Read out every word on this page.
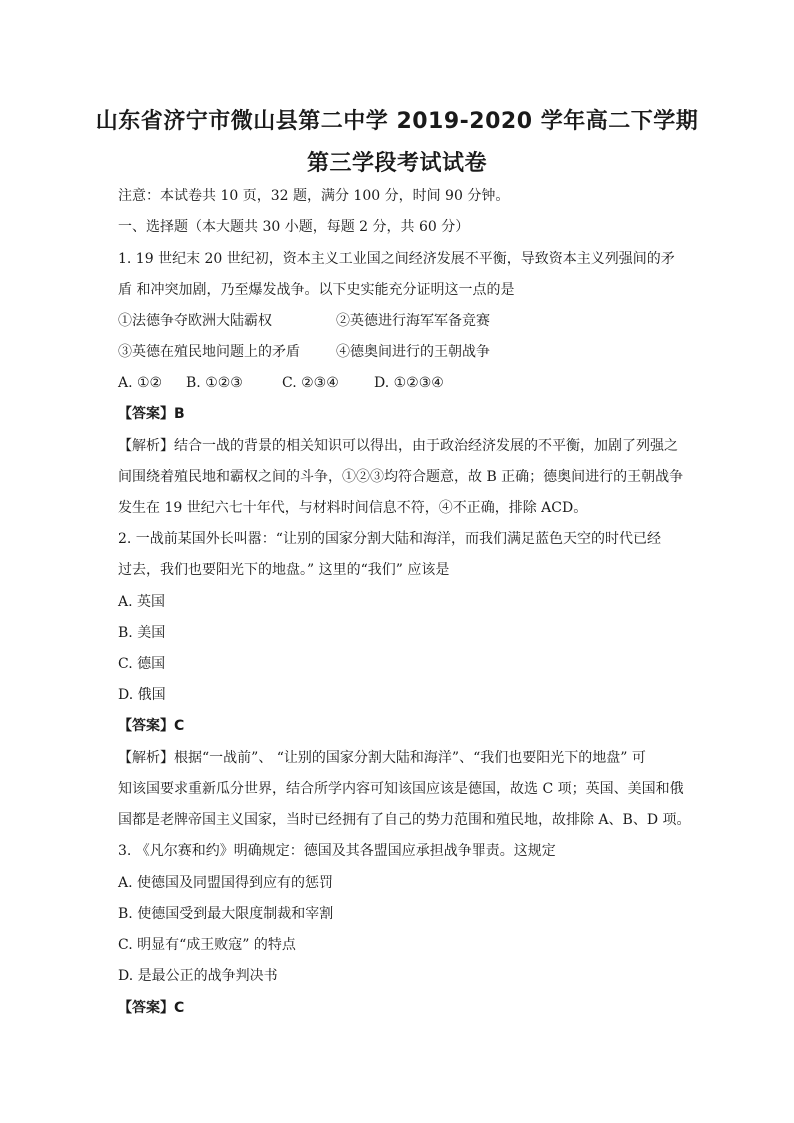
山东省济宁市微山县第二中学 2019-2020 学年高二下学期
第三学段考试试卷
注意：本试卷共 10 页，32 题，满分 100 分，时间 90 分钟。
一、选择题（本大题共 30 小题，每题 2 分，共 60 分）
1. 19 世纪末 20 世纪初，资本主义工业国之间经济发展不平衡，导致资本主义列强间的矛
盾 和冲突加剧，乃至爆发战争。以下史实能充分证明这一点的是
①法德争夺欧洲大陆霸权	②英德进行海军军备竞赛
③英德在殖民地问题上的矛盾	④德奥间进行的王朝战争
A. ①② B. ①②③	C. ②③④	D. ①②③④
【答案】B
【解析】结合一战的背景的相关知识可以得出，由于政治经济发展的不平衡，加剧了列强之
间围绕着殖民地和霸权之间的斗争，①②③均符合题意，故 B 正确；德奥间进行的王朝战争
发生在 19 世纪六七十年代，与材料时间信息不符，④不正确，排除 ACD。
2. 一战前某国外长叫嚣：“让别的国家分割大陆和海洋，而我们满足蓝色天空的时代已经
过去，我们也要阳光下的地盘。” 这里的“我们” 应该是
A. 英国
B. 美国
C. 德国
D. 俄国
【答案】C
【解析】根据“一战前”、 “让别的国家分割大陆和海洋”、“我们也要阳光下的地盘” 可
知该国要求重新瓜分世界，结合所学内容可知该国应该是德国，故选 C 项；英国、美国和俄
国都是老牌帝国主义国家，当时已经拥有了自己的势力范围和殖民地，故排除 A、B、D 项。
3. 《凡尔赛和约》明确规定：德国及其各盟国应承担战争罪责。这规定
A. 使德国及同盟国得到应有的惩罚
B. 使德国受到最大限度制裁和宰割
C. 明显有“成王败寇” 的特点
D. 是最公正的战争判决书
【答案】C
